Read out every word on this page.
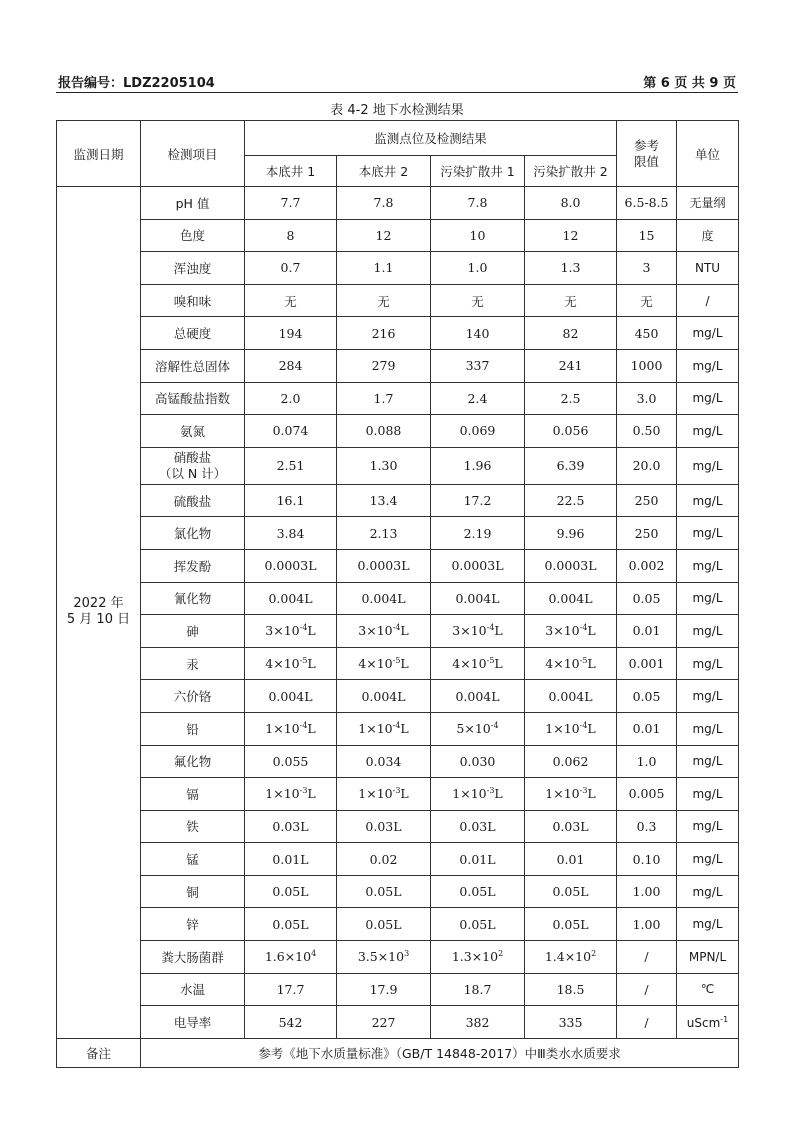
报告编号：LDZ2205104	第 6 页 共 9 页
表 4-2 地下水检测结果
监测日期	检测项目	监测点位及检测结果				参考
限值	单位
		本底井 1	本底井 2	污染扩散井 1	污染扩散井 2		

2022 年
5 月 10 日	pH 值	7.7	7.8	7.8	8.0	6.5-8.5	无量纲
	色度	8	12	10	12	15	度
	浑浊度	0.7	1.1	1.0	1.3	3	NTU
	嗅和味	无	无	无	无	无	/
	总硬度	194	216	140	82	450	mg/L
	溶解性总固体	284	279	337	241	1000	mg/L
	高锰酸盐指数	2.0	1.7	2.4	2.5	3.0	mg/L
	氨氮	0.074	0.088	0.069	0.056	0.50	mg/L

	硝酸盐
（以 N 计）	2.51	1.30	1.96	6.39	20.0	mg/L
	硫酸盐	16.1	13.4	17.2	22.5	250	mg/L
	氯化物	3.84	2.13	2.19	9.96	250	mg/L
	挥发酚	0.0003L	0.0003L	0.0003L	0.0003L	0.002	mg/L
	氰化物	0.004L	0.004L	0.004L	0.004L	0.05	mg/L
	砷	$3\times 10^{-4}L$	$3\times 10^{-4}L$	$3\times 10^{-4}L$	$3\times 10^{-4}L$	0.01	mg/L
	汞	$4\times 10^{-5}L$	$4\times 10^{-5}L$	$4\times 10^{-5}L$	$4\times 10^{-5}L$	0.001	mg/L
	六价铬	0.004L	0.004L	0.004L	0.004L	0.05	mg/L
	铅	$1\times 10^{-4}L$	$1\times 10^{-4}L$	$5\times 10^{-4}$	$1\times 10^{-4}L$	0.01	mg/L
	氟化物	0.055	0.034	0.030	0.062	1.0	mg/L
	镉	$1\times 10^{-3}L$	$1\times 10^{-3}L$	$1\times 10^{-3}L$	$1\times 10^{-3}L$	0.005	mg/L
	铁	0.03L	0.03L	0.03L	0.03L	0.3	mg/L
	锰	0.01L	0.02	0.01L	0.01	0.10	mg/L
	铜	0.05L	0.05L	0.05L	0.05L	1.00	mg/L
	锌	0.05L	0.05L	0.05L	0.05L	1.00	mg/L
	粪大肠菌群	$1.6\times 10^4$	$3.5\times 10^3$	$1.3\times 10^2$	$1.4\times 10^2$	/	MPN/L
	水温	17.7	17.9	18.7	18.5	/	℃
	电导率	542	227	382	335	/	uScm$^{-1}$
备注	参考《地下水质量标准》（GB/T 14848-2017）中Ⅲ类水水质要求						
